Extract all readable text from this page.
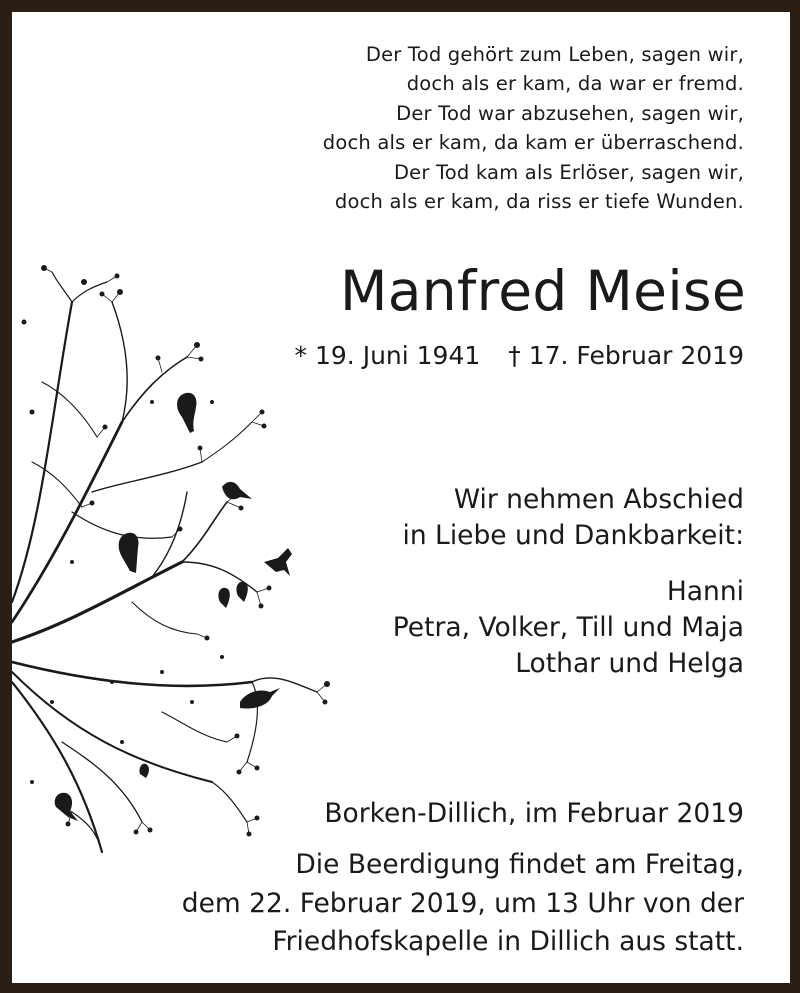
Der Tod gehört zum Leben, sagen wir,
doch als er kam, da war er fremd.
Der Tod war abzusehen, sagen wir,
doch als er kam, da kam er überraschend.
Der Tod kam als Erlöser, sagen wir,
doch als er kam, da riss er tiefe Wunden.
Manfred Meise
* 19. Juni 1941 † 17. Februar 2019
Wir nehmen Abschied
in Liebe und Dankbarkeit:
Hanni
Petra, Volker, Till und Maja
Lothar und Helga
Borken-Dillich, im Februar 2019
Die Beerdigung findet am Freitag,
dem 22. Februar 2019, um 13 Uhr von der
Friedhofskapelle in Dillich aus statt.
